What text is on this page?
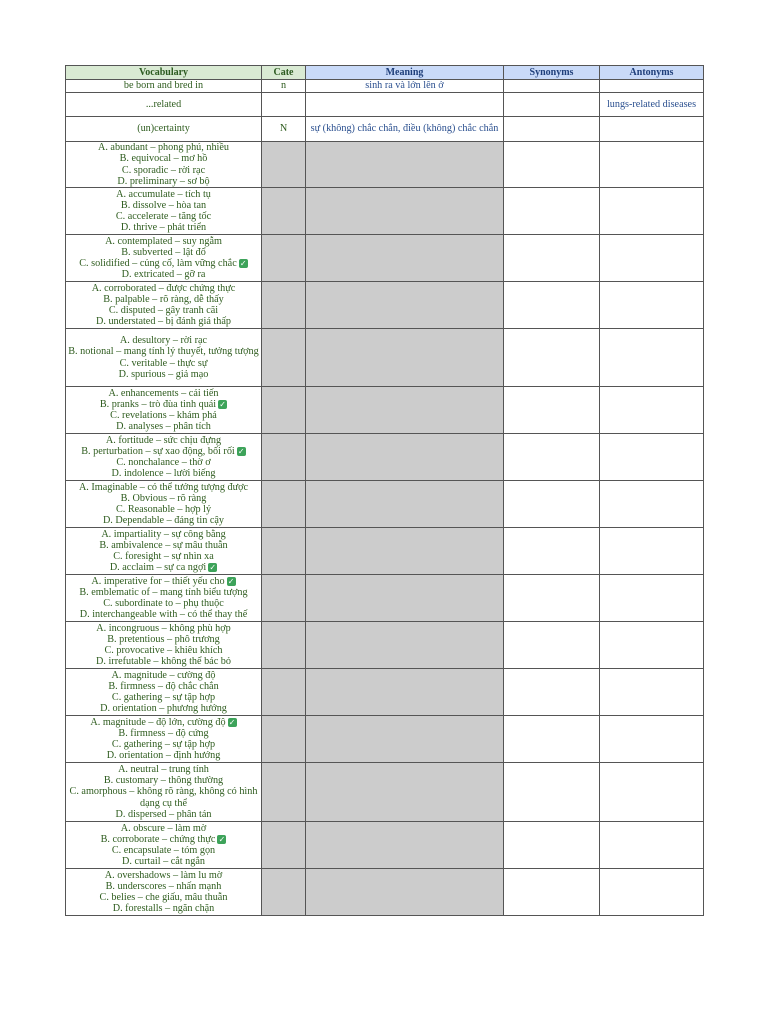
Vocabulary	Cate	Meaning	Synonyms	Antonyms
be born and bred in	n	sinh ra và lớn lên ở		
...related				lungs-related diseases
(un)certainty	N	sự (không) chắc chắn, điều (không) chắc chắn		

A. abundant – phong phú, nhiều
B. equivocal – mơ hồ
C. sporadic – rời rạc
D. preliminary – sơ bộ				

A. accumulate – tích tụ
B. dissolve – hòa tan
C. accelerate – tăng tốc
D. thrive – phát triển				

A. contemplated – suy ngẫm
B. subverted – lật đổ
C. solidified – củng cố, làm vững chắc ✓
D. extricated – gỡ ra				

A. corroborated – được chứng thực
B. palpable – rõ ràng, dễ thấy
C. disputed – gây tranh cãi
D. understated – bị đánh giá thấp				

A. desultory – rời rạc
B. notional – mang tính lý thuyết, tưởng tượng
C. veritable – thực sự
D. spurious – giả mạo				

A. enhancements – cải tiến
B. pranks – trò đùa tinh quái ✓
C. revelations – khám phá
D. analyses – phân tích				

A. fortitude – sức chịu đựng
B. perturbation – sự xao động, bối rối ✓
C. nonchalance – thờ ơ
D. indolence – lười biếng				

A. Imaginable – có thể tưởng tượng được
B. Obvious – rõ ràng
C. Reasonable – hợp lý
D. Dependable – đáng tin cậy				

A. impartiality – sự công bằng
B. ambivalence – sự mâu thuẫn
C. foresight – sự nhìn xa
D. acclaim – sự ca ngợi ✓				

A. imperative for – thiết yếu cho ✓
B. emblematic of – mang tính biểu tượng
C. subordinate to – phụ thuộc
D. interchangeable with – có thể thay thế				

A. incongruous – không phù hợp
B. pretentious – phô trương
C. provocative – khiêu khích
D. irrefutable – không thể bác bỏ				

A. magnitude – cường độ
B. firmness – độ chắc chắn
C. gathering – sự tập hợp
D. orientation – phương hướng				

A. magnitude – độ lớn, cường độ ✓
B. firmness – độ cứng
C. gathering – sự tập hợp
D. orientation – định hướng				

A. neutral – trung tính
B. customary – thông thường
C. amorphous – không rõ ràng, không có hình dạng cụ thể
D. dispersed – phân tán				

A. obscure – làm mờ
B. corroborate – chứng thực ✓
C. encapsulate – tóm gọn
D. curtail – cắt ngắn				

A. overshadows – làm lu mờ
B. underscores – nhấn mạnh
C. belies – che giấu, mâu thuẫn
D. forestalls – ngăn chặn				
